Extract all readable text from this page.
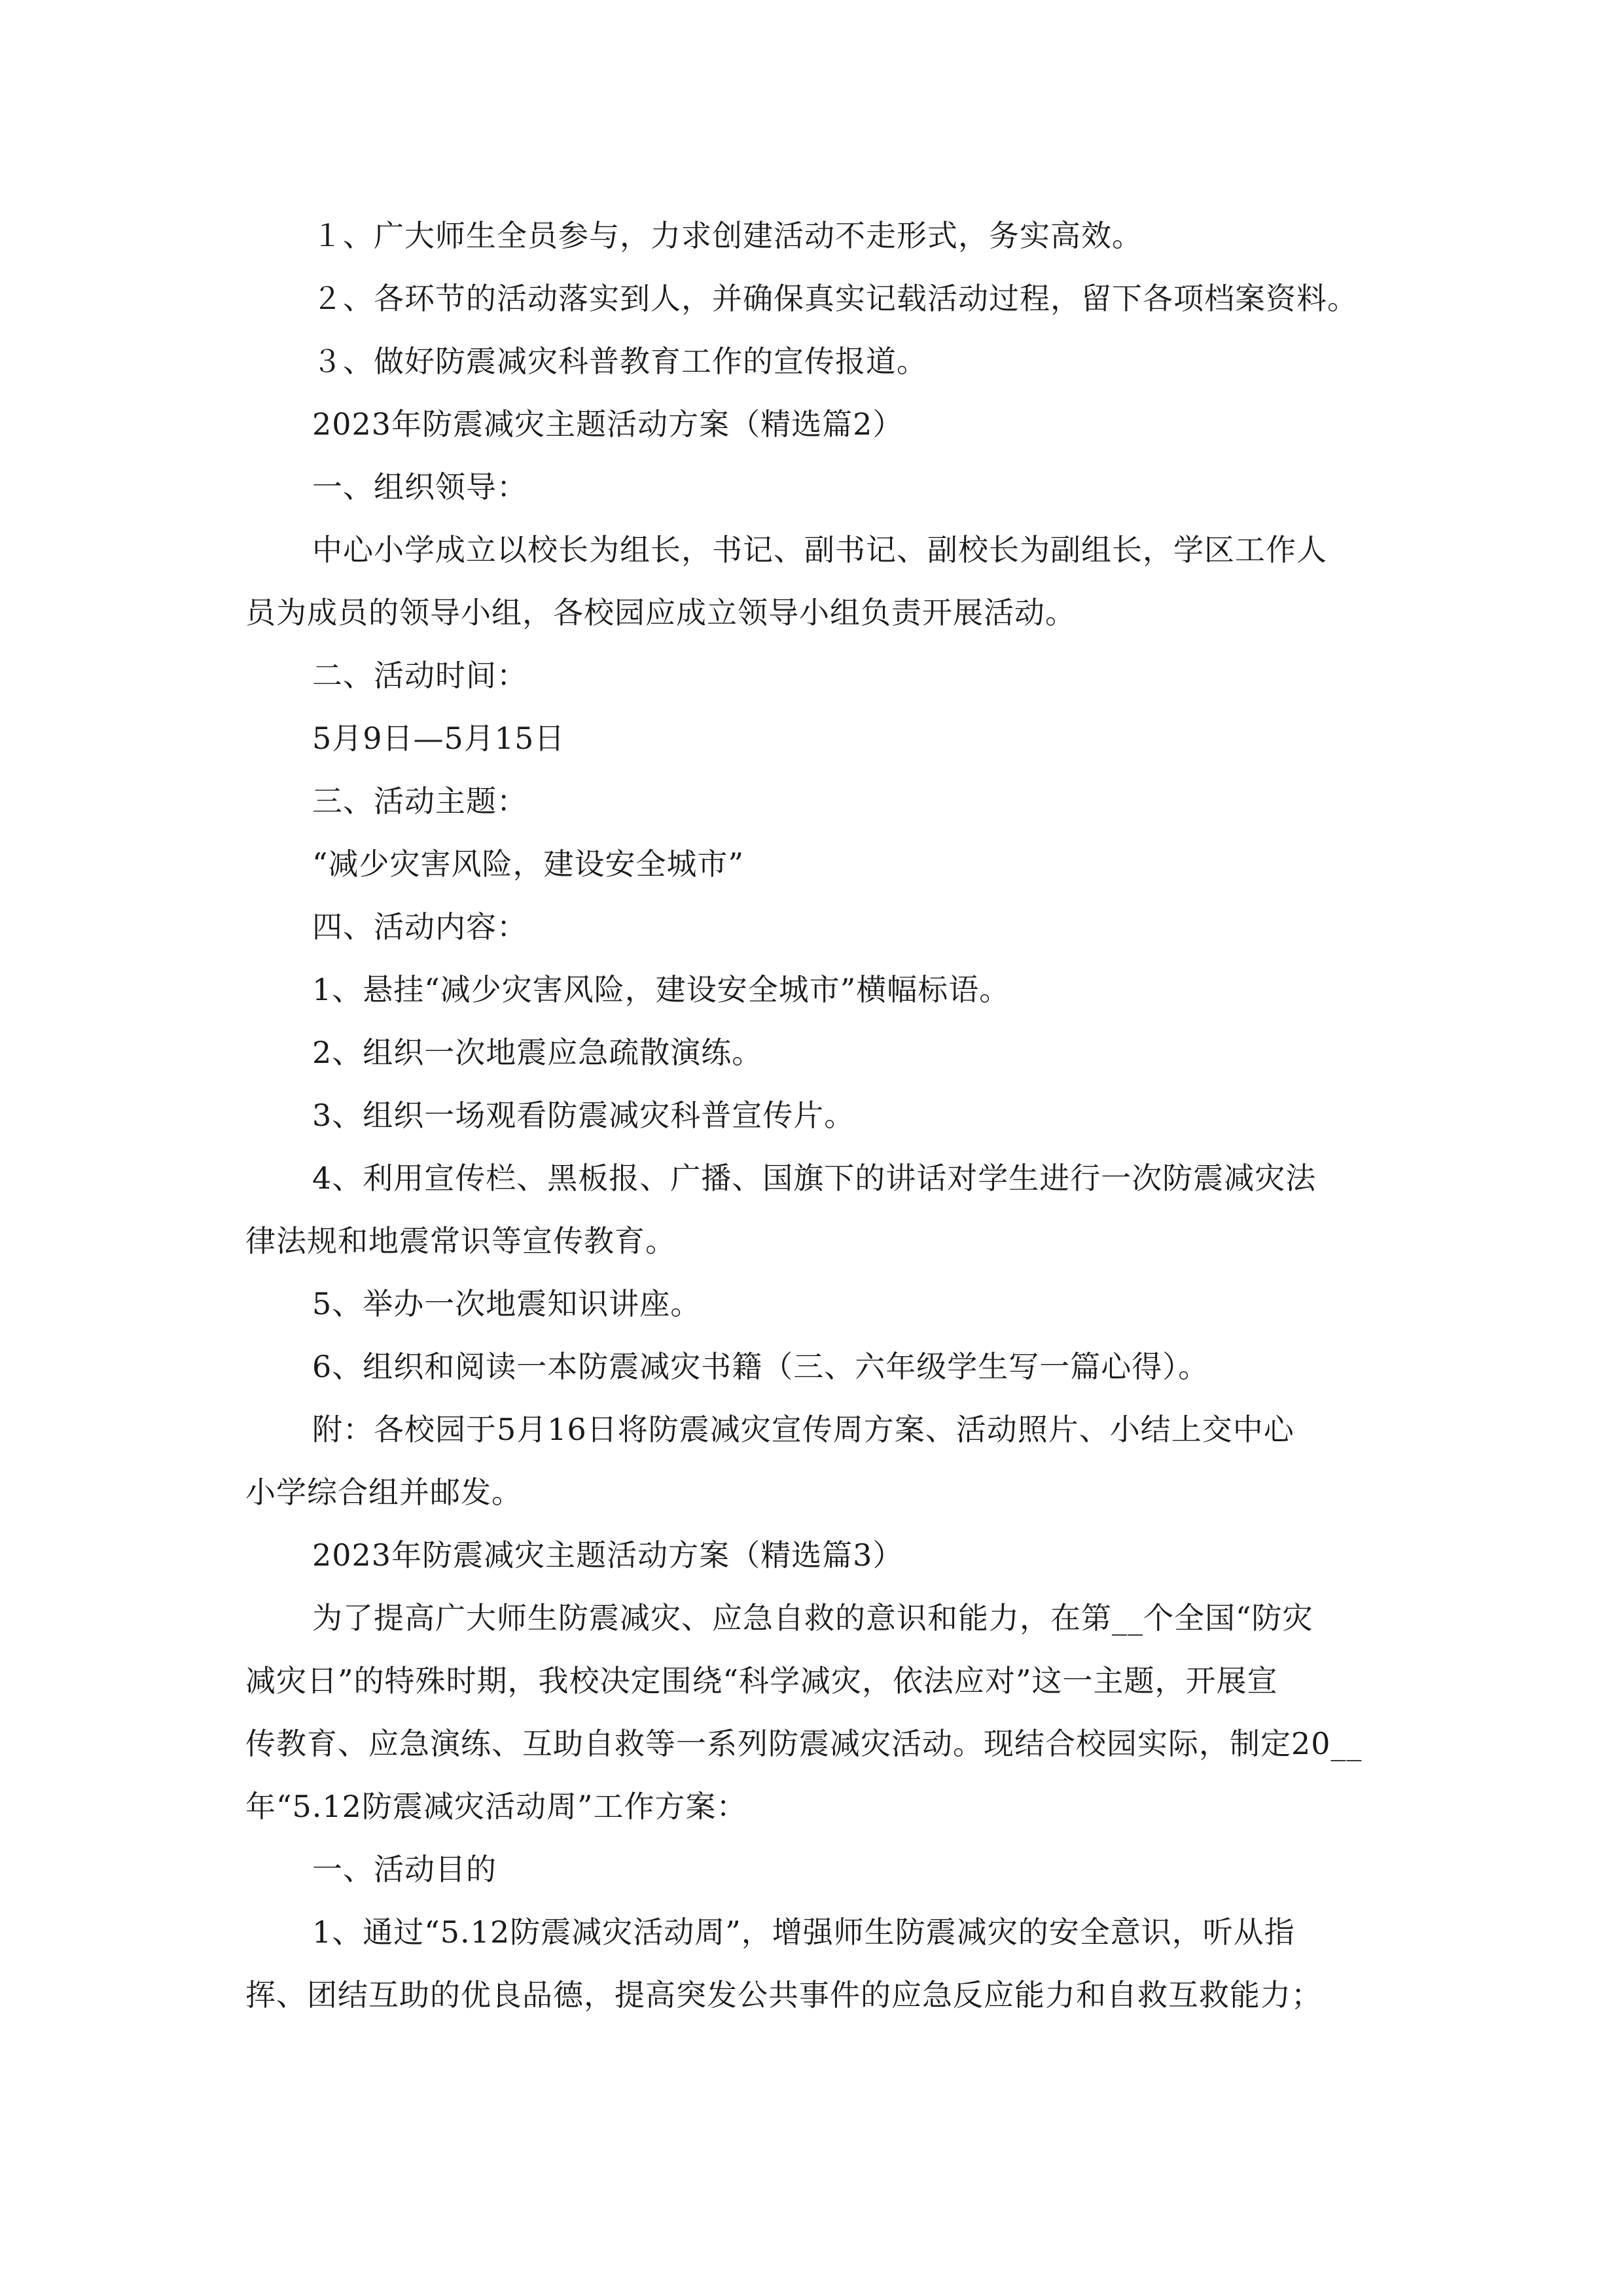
１、广大师生全员参与，力求创建活动不走形式，务实高效。
２、各环节的活动落实到人，并确保真实记载活动过程，留下各项档案资料。
３、做好防震减灾科普教育工作的宣传报道。
2023年防震减灾主题活动方案（精选篇2）
一、组织领导：
中心小学成立以校长为组长，书记、副书记、副校长为副组长，学区工作人
员为成员的领导小组，各校园应成立领导小组负责开展活动。
二、活动时间：
5月9日—5月15日
三、活动主题：
“减少灾害风险，建设安全城市”
四、活动内容：
1、悬挂“减少灾害风险，建设安全城市”横幅标语。
2、组织一次地震应急疏散演练。
3、组织一场观看防震减灾科普宣传片。
4、利用宣传栏、黑板报、广播、国旗下的讲话对学生进行一次防震减灾法
律法规和地震常识等宣传教育。
5、举办一次地震知识讲座。
6、组织和阅读一本防震减灾书籍（三、六年级学生写一篇心得）。
附：各校园于5月16日将防震减灾宣传周方案、活动照片、小结上交中心
小学综合组并邮发。
2023年防震减灾主题活动方案（精选篇3）
为了提高广大师生防震减灾、应急自救的意识和能力，在第__个全国“防灾
减灾日”的特殊时期，我校决定围绕“科学减灾，依法应对”这一主题，开展宣
传教育、应急演练、互助自救等一系列防震减灾活动。现结合校园实际，制定20__
年“5.12防震减灾活动周”工作方案：
一、活动目的
1、通过“5.12防震减灾活动周”，增强师生防震减灾的安全意识，听从指
挥、团结互助的优良品德，提高突发公共事件的应急反应能力和自救互救能力；
